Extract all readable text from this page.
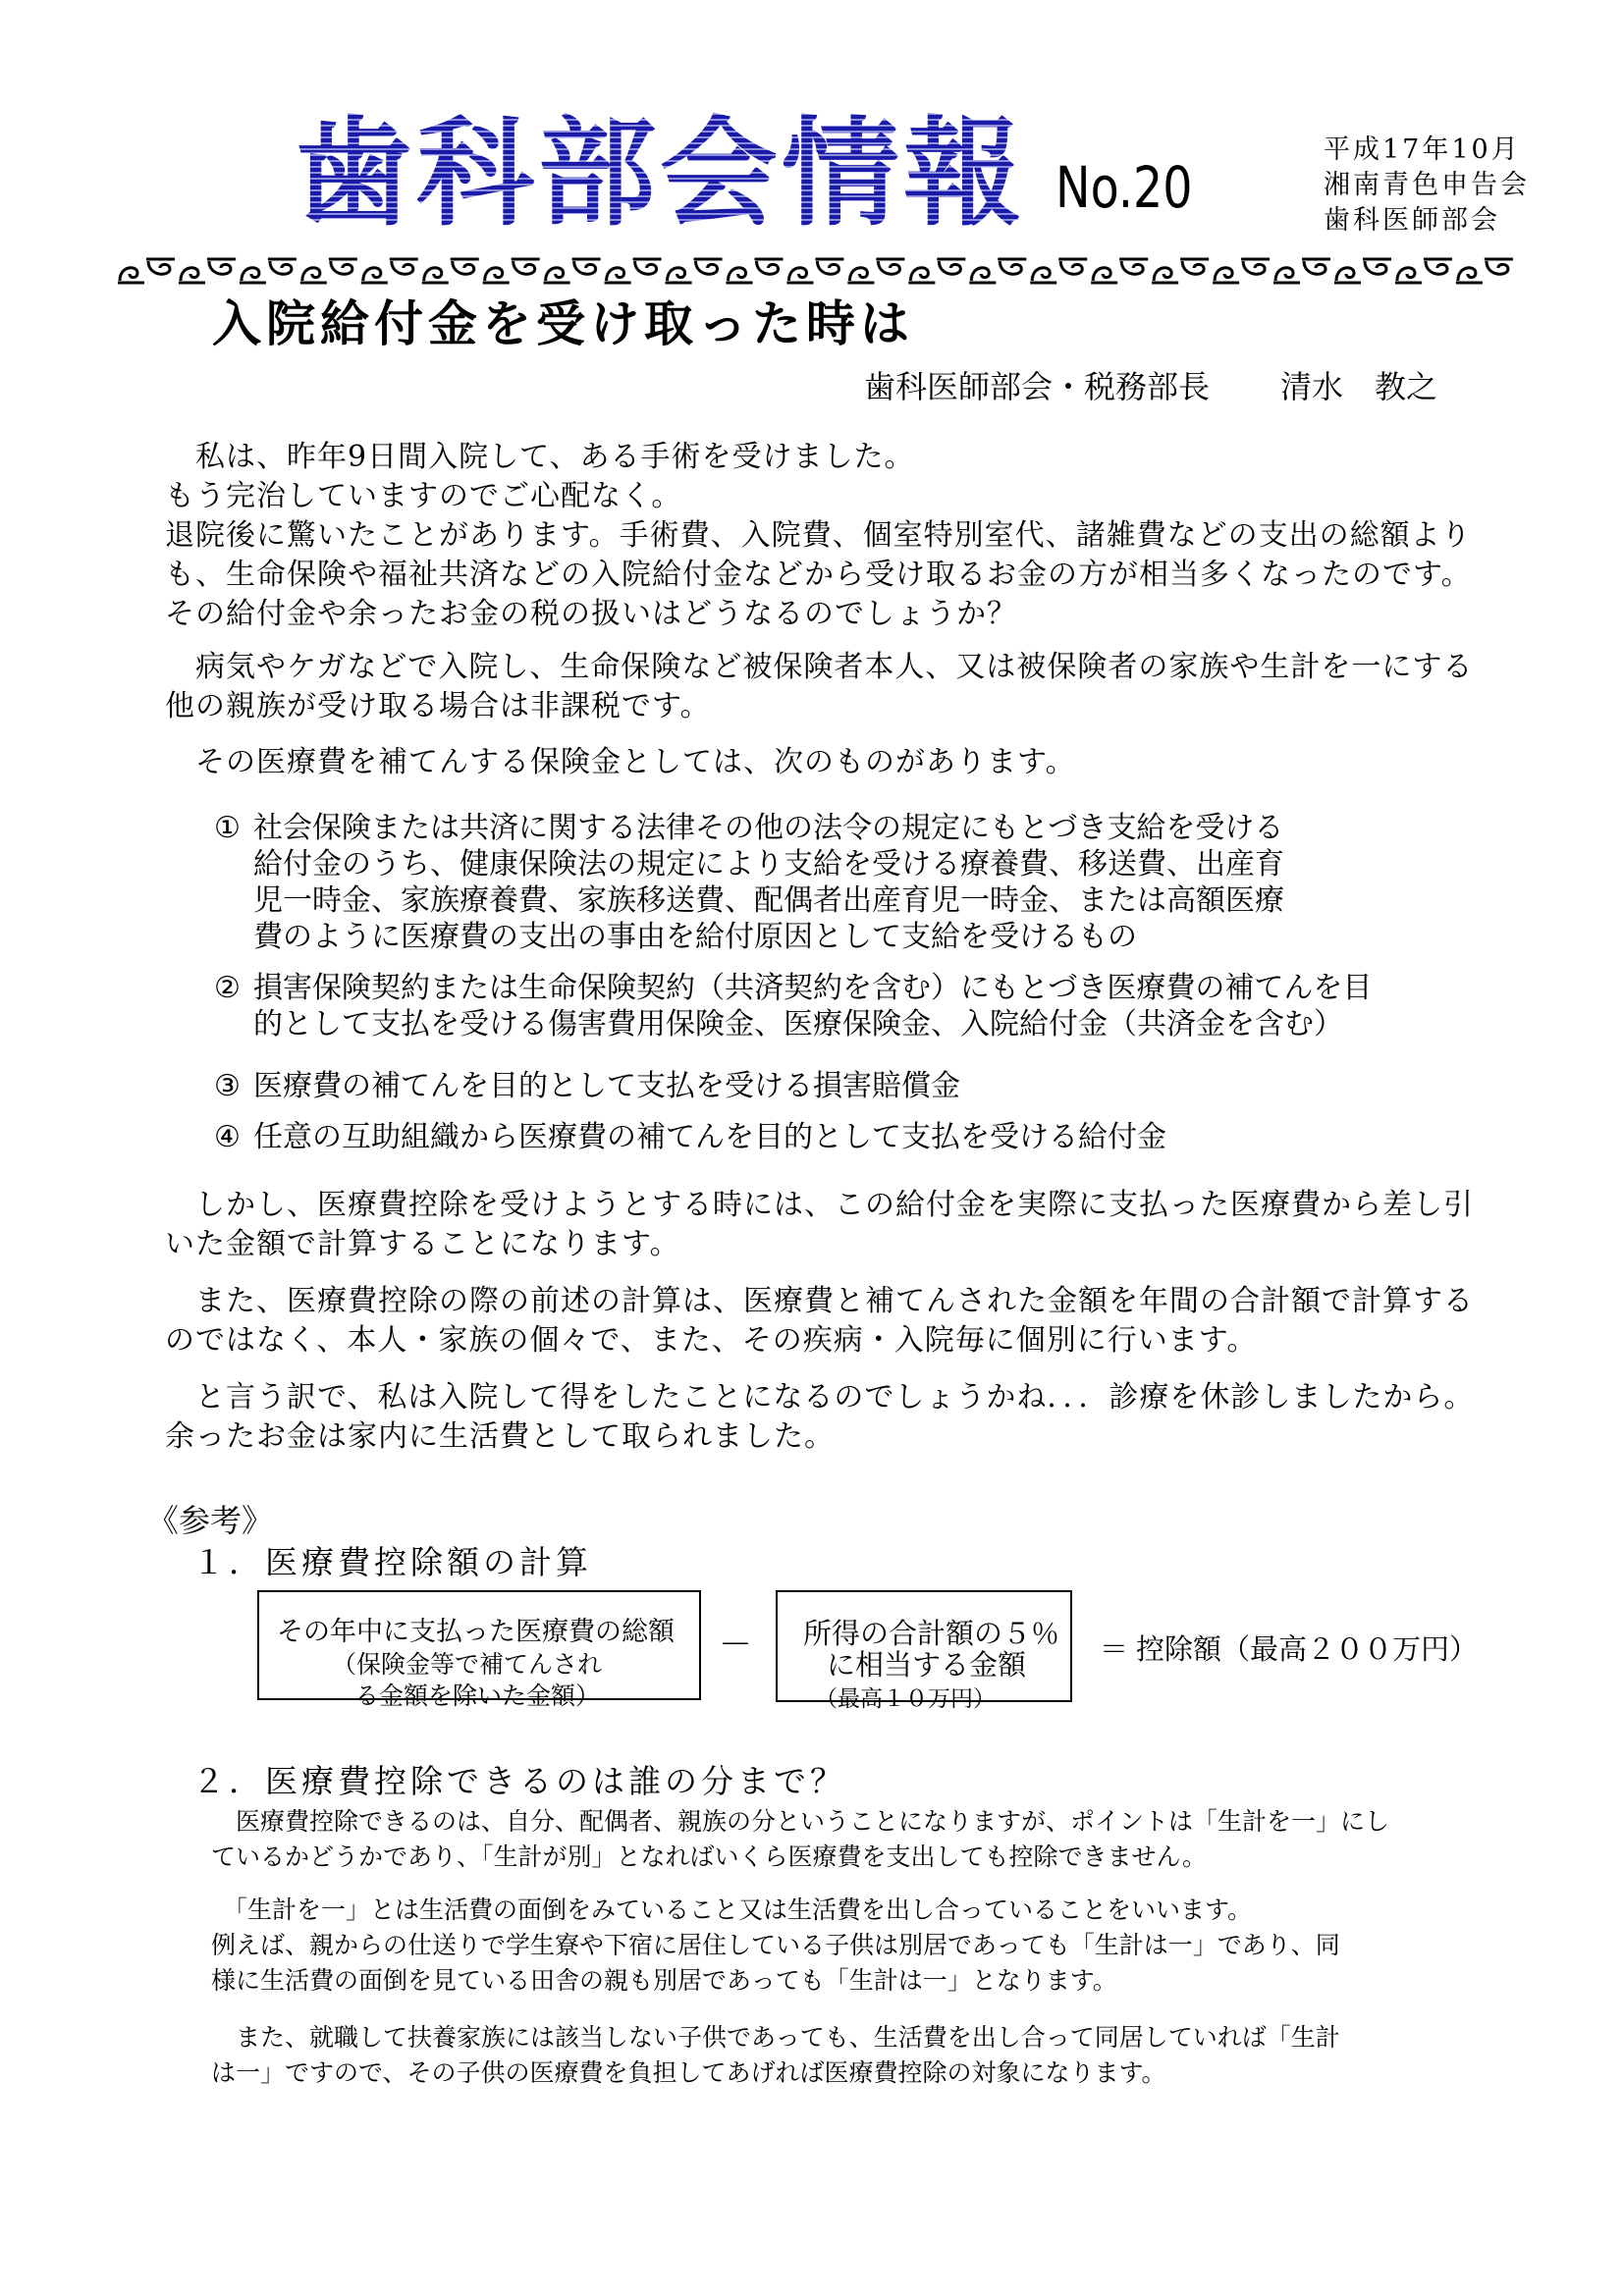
歯科部会情報 No.20
平成17年10月
湘南青色申告会
歯科医師部会
入院給付金を受け取った時は
歯科医師部会・税務部長 清水　教之
　私は、昨年9日間入院して、ある手術を受けました。
もう完治していますのでご心配なく。
退院後に驚いたことがあります。手術費、入院費、個室特別室代、諸雑費などの支出の総額より
も、生命保険や福祉共済などの入院給付金などから受け取るお金の方が相当多くなったのです。
その給付金や余ったお金の税の扱いはどうなるのでしょうか？
　病気やケガなどで入院し、生命保険など被保険者本人、又は被保険者の家族や生計を一にする
他の親族が受け取る場合は非課税です。
　その医療費を補てんする保険金としては、次のものがあります。
① 社会保険または共済に関する法律その他の法令の規定にもとづき支給を受ける
給付金のうち、健康保険法の規定により支給を受ける療養費、移送費、出産育
児一時金、家族療養費、家族移送費、配偶者出産育児一時金、または高額医療
費のように医療費の支出の事由を給付原因として支給を受けるもの
② 損害保険契約または生命保険契約（共済契約を含む）にもとづき医療費の補てんを目
的として支払を受ける傷害費用保険金、医療保険金、入院給付金（共済金を含む）
③ 医療費の補てんを目的として支払を受ける損害賠償金
④ 任意の互助組織から医療費の補てんを目的として支払を受ける給付金
　しかし、医療費控除を受けようとする時には、この給付金を実際に支払った医療費から差し引
いた金額で計算することになります。
　また、医療費控除の際の前述の計算は、医療費と補てんされた金額を年間の合計額で計算する
のではなく、本人・家族の個々で、また、その疾病・入院毎に個別に行います。
　と言う訳で、私は入院して得をしたことになるのでしょうかね．．．診療を休診しましたから。
余ったお金は家内に生活費として取られました。
《参考》
１．医療費控除額の計算
その年中に支払った医療費の総額
（保険金等で補てんされ
る金額を除いた金額）
－ 所得の合計額の５％
に相当する金額
（最高１０万円）
＝ 控除額（最高２００万円）
２．医療費控除できるのは誰の分まで？
　医療費控除できるのは、自分、配偶者、親族の分ということになりますが、ポイントは「生計を一」にし
ているかどうかであり、「生計が別」となればいくら医療費を支出しても控除できません。
「生計を一」とは生活費の面倒をみていること又は生活費を出し合っていることをいいます。
例えば、親からの仕送りで学生寮や下宿に居住している子供は別居であっても「生計は一」であり、同
様に生活費の面倒を見ている田舎の親も別居であっても「生計は一」となります。
　また、就職して扶養家族には該当しない子供であっても、生活費を出し合って同居していれば「生計
は一」ですので、その子供の医療費を負担してあげれば医療費控除の対象になります。
